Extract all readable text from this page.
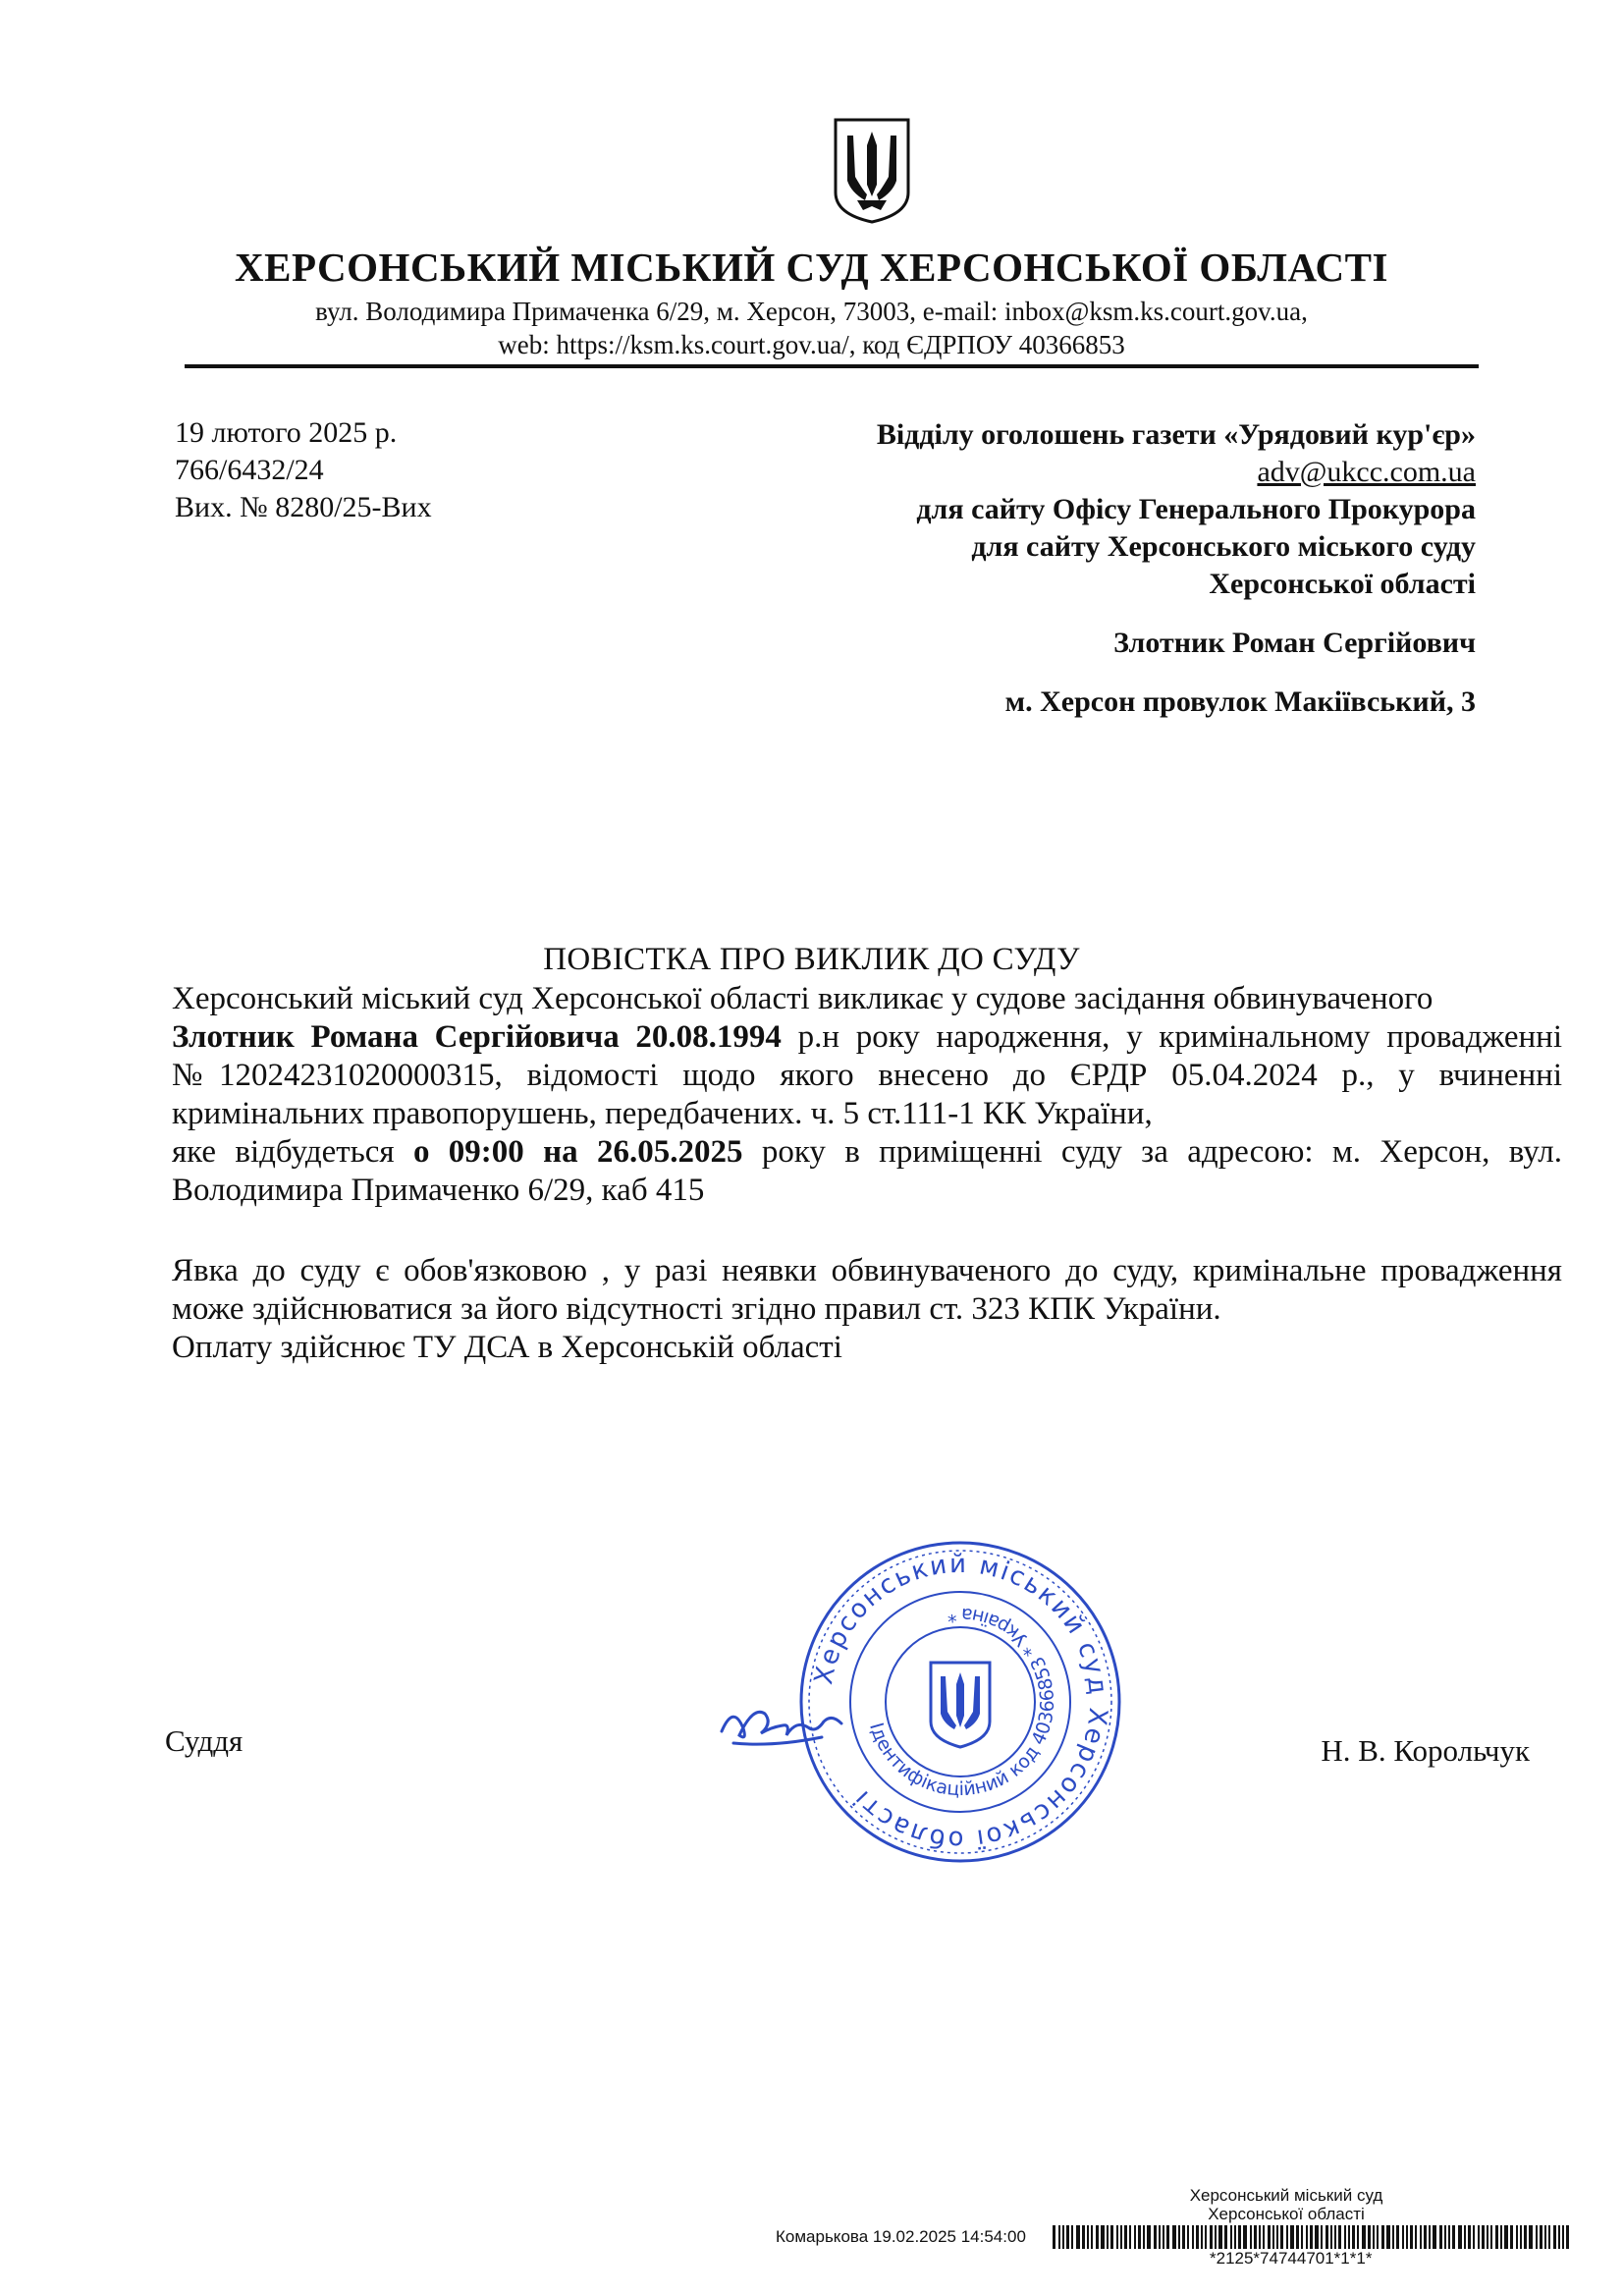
ХЕРСОНСЬКИЙ МІСЬКИЙ СУД ХЕРСОНСЬКОЇ ОБЛАСТІ
вул. Володимира Примаченка 6/29, м. Херсон, 73003, e-mail: inbox@ksm.ks.court.gov.ua,
web: https://ksm.ks.court.gov.ua/, код ЄДРПОУ 40366853
19 лютого 2025 р.
766/6432/24
Вих. № 8280/25-Вих
Відділу оголошень газети «Урядовий кур'єр»
adv@ukcc.com.ua
для сайту Офісу Генерального Прокурора
для сайту Херсонського міського суду
Херсонської області
Злотник Роман Сергійович
м. Херсон провулок Макіївський, 3
ПОВІСТКА ПРО ВИКЛИК ДО СУДУ

Херсонський міський суд Херсонської області викликає у судове засідання обвинуваченого

Злотник Романа Сергійовича 20.08.1994 р.н року народження, у кримінальному провадженні

№12024231020000315, відомості щодо якого внесено до ЄРДР 05.04.2024 р., у вчиненні

кримінальних правопорушень, передбачених. ч. 5 ст.111-1 КК України,

яке відбудеться о 09:00 на 26.05.2025 року в приміщенні суду за адресою: м. Херсон, вул.

Володимира Примаченко 6/29, каб 415

Явка до суду є обов'язковою , у разі неявки обвинуваченого до суду, кримінальне провадження

може здійснюватися за його відсутності згідно правил ст. 323 КПК України.

Оплату здійснює ТУ ДСА в Херсонській області

Херсонський міський суд Херсонської області
Ідентифікаційний код 40366853 * Україна *
Суддя	Н. В. Корольчук
Херсонський міський суд
Херсонської області
Комарькова 19.02.2025 14:54:00
*2125*74744701*1*1*
